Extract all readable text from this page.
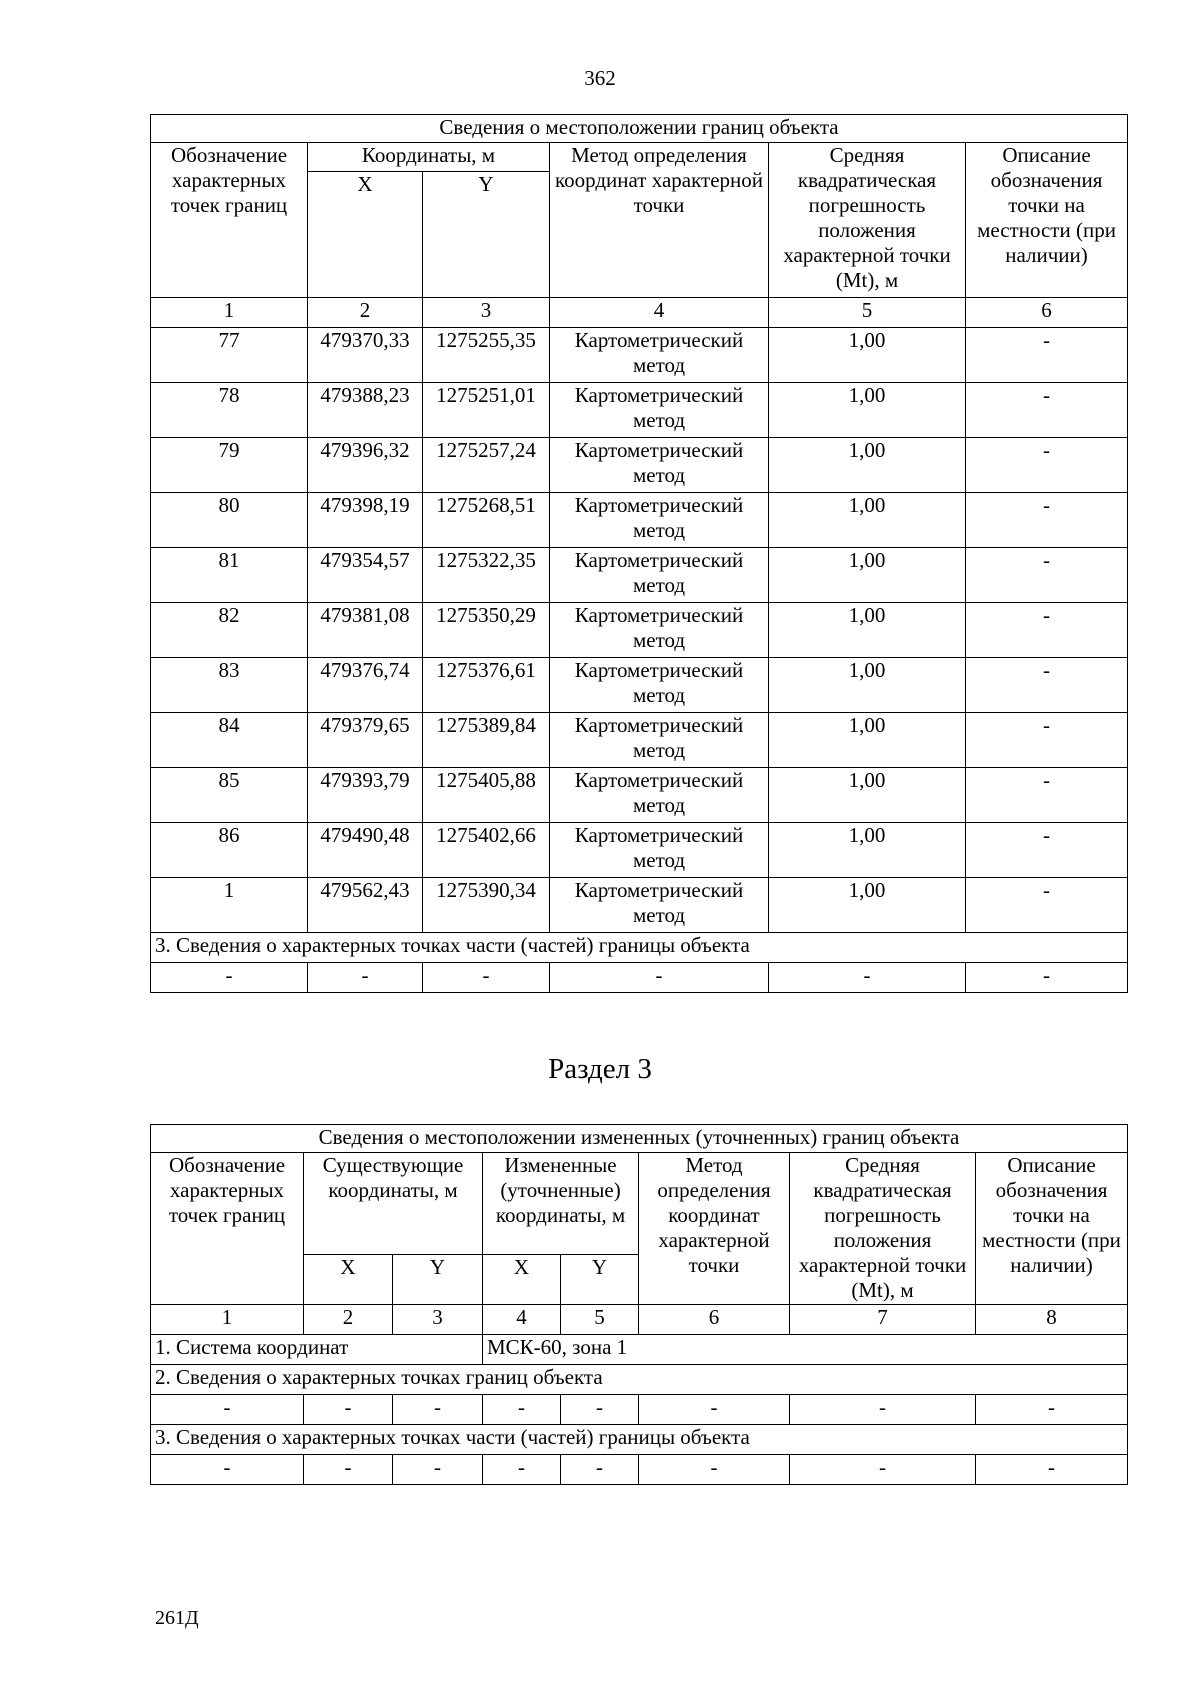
362
Сведения о местоположении границ объекта					
Обозначение характерных точек границ	Координаты, м		Метод определения координат характерной точки	Средняя квадратическая погрешность положения характерной точки (Mt), м	Описание обозначения точки на местности (при наличии)
	X	Y			
1	2	3	4	5	6
77	479370,33	1275255,35	Картометрический метод	1,00	-
78	479388,23	1275251,01	Картометрический метод	1,00	-
79	479396,32	1275257,24	Картометрический метод	1,00	-
80	479398,19	1275268,51	Картометрический метод	1,00	-
81	479354,57	1275322,35	Картометрический метод	1,00	-
82	479381,08	1275350,29	Картометрический метод	1,00	-
83	479376,74	1275376,61	Картометрический метод	1,00	-
84	479379,65	1275389,84	Картометрический метод	1,00	-
85	479393,79	1275405,88	Картометрический метод	1,00	-
86	479490,48	1275402,66	Картометрический метод	1,00	-
1	479562,43	1275390,34	Картометрический метод	1,00	-
3. Сведения о характерных точках части (частей) границы объекта					
-	-	-	-	-	-
Раздел 3
Сведения о местоположении измененных (уточненных) границ объекта							
Обозначение характерных точек границ	Существующие координаты, м		Измененные (уточненные) координаты, м		Метод определения координат характерной точки	Средняя квадратическая погрешность положения характерной точки (Mt), м	Описание обозначения точки на местности (при наличии)
	X	Y	X	Y			
1	2	3	4	5	6	7	8
1. Система координат			МСК-60, зона 1				
2. Сведения о характерных точках границ объекта							
-	-	-	-	-	-	-	-
3. Сведения о характерных точках части (частей) границы объекта							
-	-	-	-	-	-	-	-
261Д
